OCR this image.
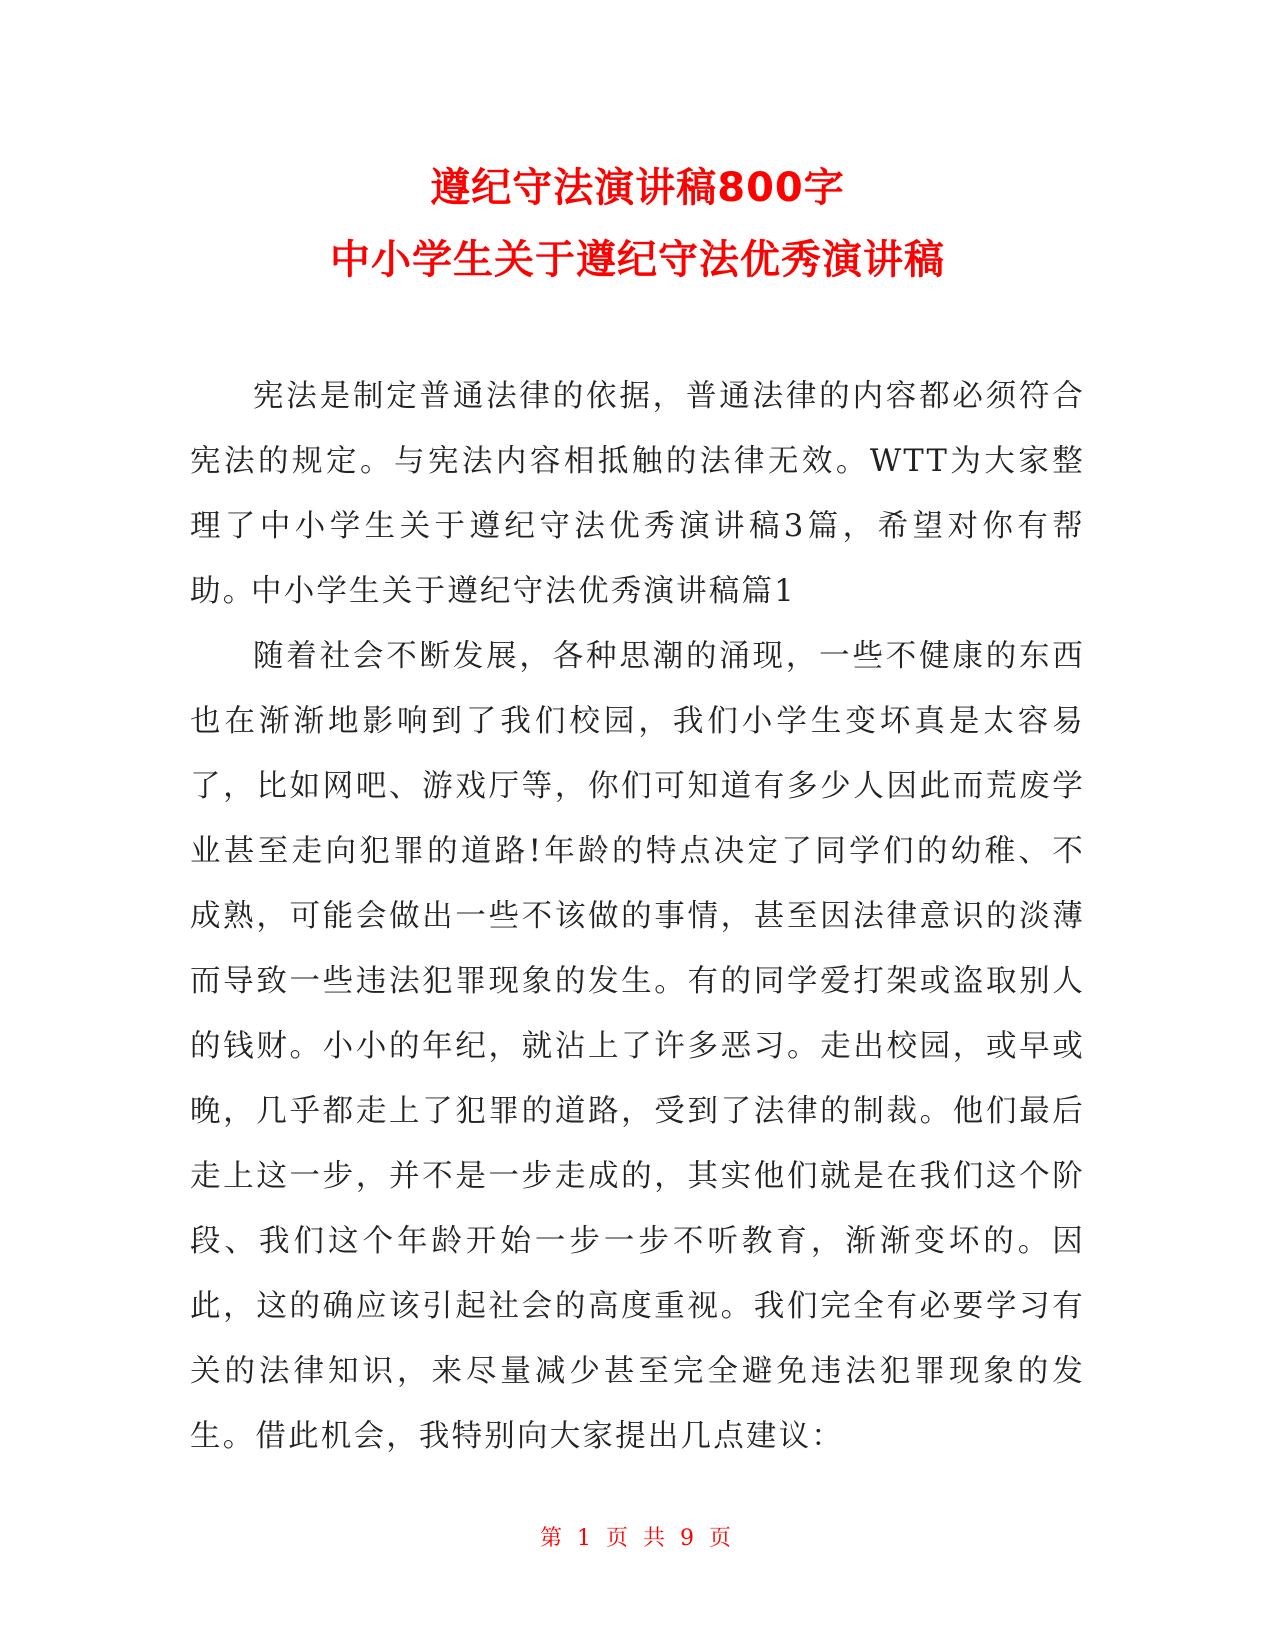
遵纪守法演讲稿800字
中小学生关于遵纪守法优秀演讲稿
宪法是制定普通法律的依据，普通法律的内容都必须符合宪法的规定。与宪法内容相抵触的法律无效。WTT为大家整理了中小学生关于遵纪守法优秀演讲稿3篇，希望对你有帮助。
中小学生关于遵纪守法优秀演讲稿篇1
随着社会不断发展，各种思潮的涌现，一些不健康的东西也在渐渐地影响到了我们校园，我们小学生变坏真是太容易了，比如网吧、游戏厅等，你们可知道有多少人因此而荒废学业甚至走向犯罪的道路!年龄的特点决定了同学们的幼稚、不成熟，可能会做出一些不该做的事情，甚至因法律意识的淡薄而导致一些违法犯罪现象的发生。有的同学爱打架或盗取别人的钱财。小小的年纪，就沾上了许多恶习。走出校园，或早或晚，几乎都走上了犯罪的道路，受到了法律的制裁。他们最后走上这一步，并不是一步走成的，其实他们就是在我们这个阶段、我们这个年龄开始一步一步不听教育，渐渐变坏的。因此，这的确应该引起社会的高度重视。我们完全有必要学习有关的法律知识，来尽量减少甚至完全避免违法犯罪现象的发生。借此机会，我特别向大家提出几点建议：
第 1 页 共 9 页
